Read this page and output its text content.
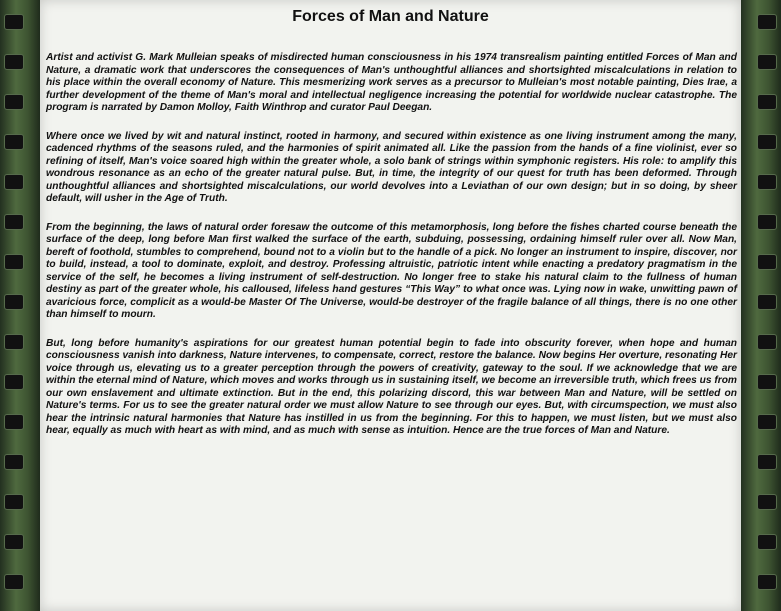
Forces of Man and Nature

Artist and activist G. Mark Mulleian speaks of misdirected human consciousness in his 1974 transrealism painting entitled Forces of Man and Nature, a dramatic work that underscores the consequences of Man's unthoughtful alliances and shortsighted miscalculations in relation to his place within the overall economy of Nature. This mesmerizing work serves as a precursor to Mulleian's most notable painting, Dies Irae, a further development of the theme of Man's moral and intellectual negligence increasing the potential for worldwide nuclear catastrophe. The program is narrated by Damon Molloy, Faith Winthrop and curator Paul Deegan.

Where once we lived by wit and natural instinct, rooted in harmony, and secured within existence as one living instrument among the many, cadenced rhythms of the seasons ruled, and the harmonies of spirit animated all. Like the passion from the hands of a fine violinist, ever so refining of itself, Man's voice soared high within the greater whole, a solo bank of strings within symphonic registers. His role: to amplify this wondrous resonance as an echo of the greater natural pulse. But, in time, the integrity of our quest for truth has been deformed. Through unthoughtful alliances and shortsighted miscalculations, our world devolves into a Leviathan of our own design; but in so doing, by sheer default, will usher in the Age of Truth.

From the beginning, the laws of natural order foresaw the outcome of this metamorphosis, long before the fishes charted course beneath the surface of the deep, long before Man first walked the surface of the earth, subduing, possessing, ordaining himself ruler over all. Now Man, bereft of foothold, stumbles to comprehend, bound not to a violin but to the handle of a pick. No longer an instrument to inspire, discover, nor to build, instead, a tool to dominate, exploit, and destroy. Professing altruistic, patriotic intent while enacting a predatory pragmatism in the service of the self, he becomes a living instrument of self-destruction. No longer free to stake his natural claim to the fullness of human destiny as part of the greater whole, his calloused, lifeless hand gestures “This Way” to what once was. Lying now in wake, unwitting pawn of avaricious force, complicit as a would-be Master Of The Universe, would-be destroyer of the fragile balance of all things, there is no one other than himself to mourn.

But, long before humanity's aspirations for our greatest human potential begin to fade into obscurity forever, when hope and human consciousness vanish into darkness, Nature intervenes, to compensate, correct, restore the balance. Now begins Her overture, resonating Her voice through us, elevating us to a greater perception through the powers of creativity, gateway to the soul. If we acknowledge that we are within the eternal mind of Nature, which moves and works through us in sustaining itself, we become an irreversible truth, which frees us from our own enslavement and ultimate extinction. But in the end, this polarizing discord, this war between Man and Nature, will be settled on Nature's terms. For us to see the greater natural order we must allow Nature to see through our eyes. But, with circumspection, we must also hear the intrinsic natural harmonies that Nature has instilled in us from the beginning. For this to happen, we must listen, but we must also hear, equally as much with heart as with mind, and as much with sense as intuition. Hence are the true forces of Man and Nature.
